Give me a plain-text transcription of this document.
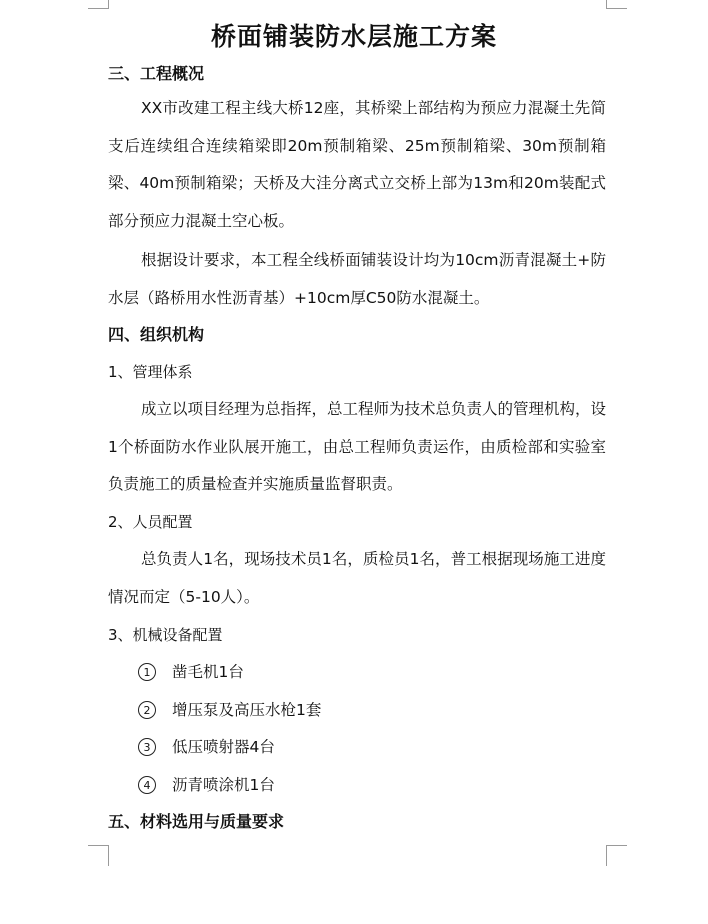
桥面铺装防水层施工方案
三、工程概况
XX市改建工程主线大桥12座，其桥梁上部结构为预应力混凝土先简支后连续组合连续箱梁即20m预制箱梁、25m预制箱梁、30m预制箱梁、40m预制箱梁；天桥及大洼分离式立交桥上部为13m和20m装配式部分预应力混凝土空心板。
根据设计要求，本工程全线桥面铺装设计均为10cm沥青混凝土+防水层（路桥用水性沥青基）+10cm厚C50防水混凝土。
四、组织机构
1、管理体系
成立以项目经理为总指挥，总工程师为技术总负责人的管理机构，设1个桥面防水作业队展开施工，由总工程师负责运作，由质检部和实验室负责施工的质量检查并实施质量监督职责。
2、人员配置
总负责人1名，现场技术员1名，质检员1名，普工根据现场施工进度情况而定（5-10人）。
3、机械设备配置
1	凿毛机1台
2	增压泵及高压水枪1套
3	低压喷射器4台
4	沥青喷涂机1台
五、材料选用与质量要求
